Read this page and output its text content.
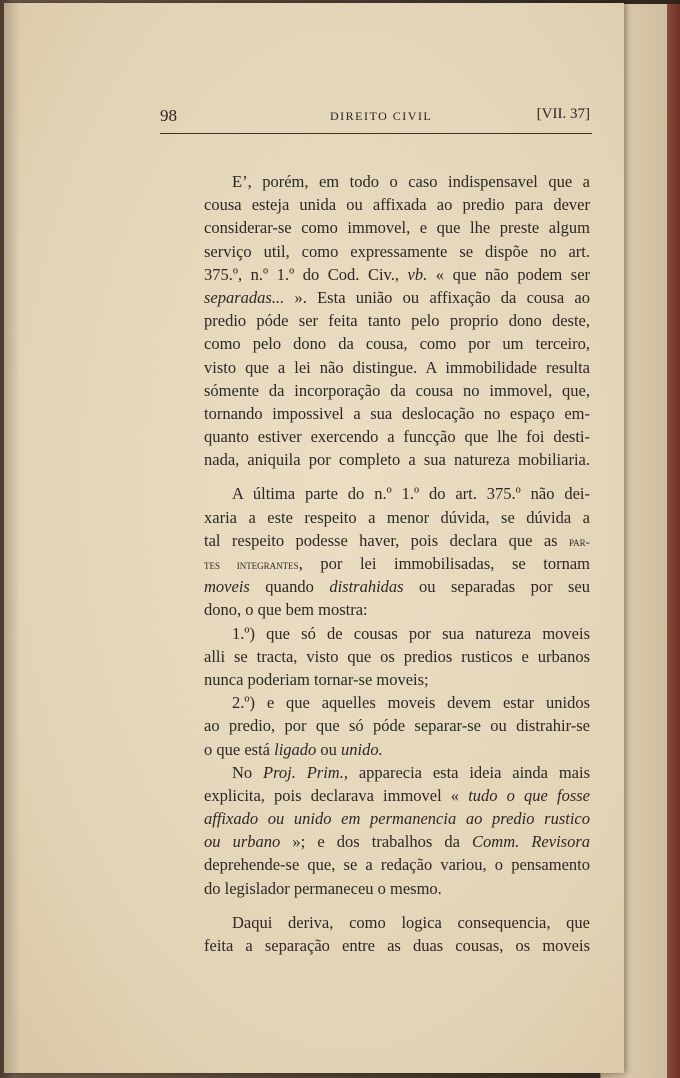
98	DIREITO CIVIL	[VII. 37]
E’, porém, em todo o caso indispensavel que a
cousa esteja unida ou affixada ao predio para dever
considerar-se como immovel, e que lhe preste algum
serviço util, como expressamente se dispõe no art.
375.º, n.º 1.º do Cod. Civ., vb. « que não podem ser
separadas... ». Esta união ou affixação da cousa ao
predio póde ser feita tanto pelo proprio dono deste,
como pelo dono da cousa, como por um terceiro,
visto que a lei não distingue. A immobilidade resulta
sómente da incorporação da cousa no immovel, que,
tornando impossivel a sua deslocação no espaço em-
quanto estiver exercendo a funcção que lhe foi desti-
nada, aniquila por completo a sua natureza mobiliaria.
A última parte do n.º 1.º do art. 375.º não dei-
xaria a este respeito a menor dúvida, se dúvida a
tal respeito podesse haver, pois declara que as par-
tes integrantes, por lei immobilisadas, se tornam
moveis quando distrahidas ou separadas por seu
dono, o que bem mostra:
1.º) que só de cousas por sua natureza moveis
alli se tracta, visto que os predios rusticos e urbanos
nunca poderiam tornar-se moveis;
2.º) e que aquelles moveis devem estar unidos
ao predio, por que só póde separar-se ou distrahir-se
o que está ligado ou unido.
No Proj. Prim., apparecia esta ideia ainda mais
explicita, pois declarava immovel « tudo o que fosse
affixado ou unido em permanencia ao predio rustico
ou urbano »; e dos trabalhos da Comm. Revisora
deprehende-se que, se a redação variou, o pensamento
do legislador permaneceu o mesmo.
Daqui deriva, como logica consequencia, que
feita a separação entre as duas cousas, os moveis
